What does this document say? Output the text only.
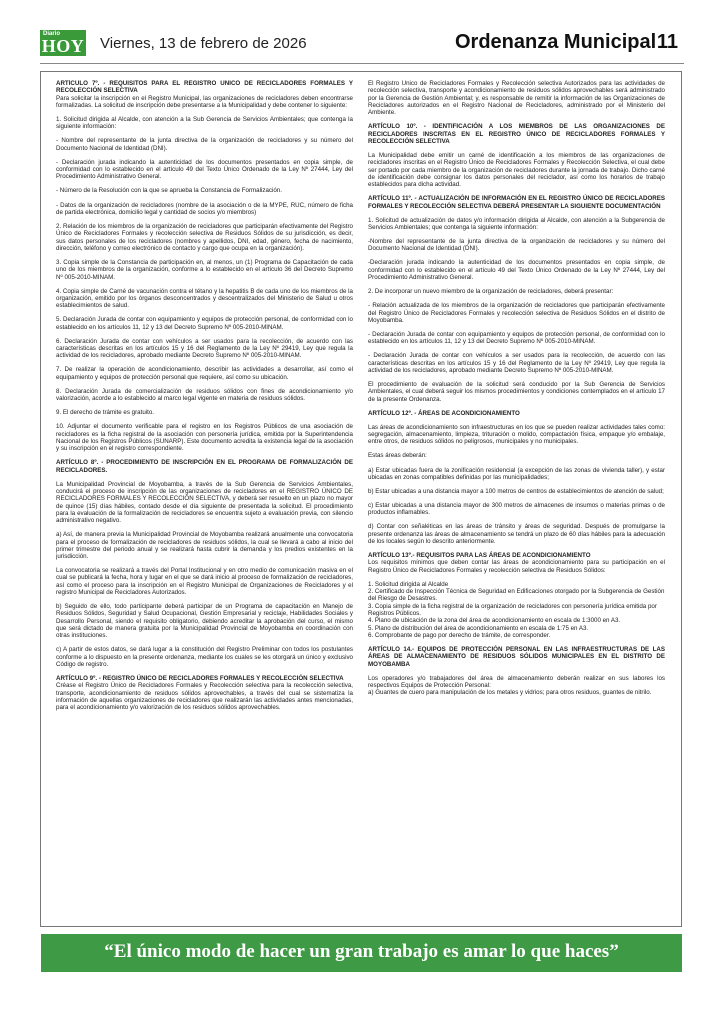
Diario
HOY Viernes, 13 de febrero de 2026	Ordenanza Municipal 11

ARTÍCULO 7º. - REQUISITOS PARA EL REGISTRO ÚNICO DE RECICLADORES FORMALES Y RECOLECCIÓN SELECTIVA
Para solicitar la inscripción en el Registro Municipal, las organizaciones de recicladores deben encontrarse formalizadas. La solicitud de inscripción debe presentarse a la Municipalidad y debe contener lo siguiente:

1. Solicitud dirigida al Alcalde, con atención a la Sub Gerencia de Servicios Ambientales; que contenga la siguiente información:

- Nombre del representante de la junta directiva de la organización de recicladores y su número del Documento Nacional de Identidad (DNI).

- Declaración jurada indicando la autenticidad de los documentos presentados en copia simple, de conformidad con lo establecido en el artículo 49 del Texto Único Ordenado de la Ley Nº 27444, Ley del Procedimiento Administrativo General.

- Número de la Resolución con la que se aprueba la Constancia de Formalización.

- Datos de la organización de recicladores (nombre de la asociación o de la MYPE, RUC, número de ficha de partida electrónica, domicilio legal y cantidad de socios y/o miembros)

2. Relación de los miembros de la organización de recicladores que participarán efectivamente del Registro Único de Recicladores Formales y recolección selectiva de Residuos Sólidos de su jurisdicción, es decir, sus datos personales de los recicladores (nombres y apellidos, DNI, edad, género, fecha de nacimiento, dirección, teléfono y correo electrónico de contacto y cargo que ocupa en la organización).

3. Copia simple de la Constancia de participación en, al menos, un (1) Programa de Capacitación de cada uno de los miembros de la organización, conforme a lo establecido en el artículo 36 del Decreto Supremo Nº 005-2010-MINAM.

4. Copia simple de Carné de vacunación contra el tétano y la hepatitis B de cada uno de los miembros de la organización, emitido por los órganos desconcentrados y descentralizados del Ministerio de Salud u otros establecimientos de salud.

5. Declaración Jurada de contar con equipamiento y equipos de protección personal, de conformidad con lo establecido en los artículos 11, 12 y 13 del Decreto Supremo Nº 005-2010-MINAM.

6. Declaración Jurada de contar con vehículos a ser usados para la recolección, de acuerdo con las características descritas en los artículos 15 y 16 del Reglamento de la Ley Nº 29419, Ley que regula la actividad de los recicladores, aprobado mediante Decreto Supremo Nº 005-2010-MINAM.

7. De realizar la operación de acondicionamiento, describir las actividades a desarrollar, así como el equipamiento y equipos de protección personal que requiere, así como su ubicación.

8. Declaración Jurada de comercialización de residuos sólidos con fines de acondicionamiento y/o valorización, acorde a lo establecido al marco legal vigente en materia de residuos sólidos.

9. El derecho de trámite es gratuito.

10. Adjuntar el documento verificable para el registro en los Registros Públicos de una asociación de recicladores es la ficha registral de la asociación con personería jurídica, emitida por la Superintendencia Nacional de los Registros Públicos (SUNARP). Este documento acredita la existencia legal de la asociación y su inscripción en el registro correspondiente.

ARTÍCULO 8º. - PROCEDIMIENTO DE INSCRIPCIÓN EN EL PROGRAMA DE FORMALIZACIÓN DE RECICLADORES.

La Municipalidad Provincial de Moyobamba, a través de la Sub Gerencia de Servicios Ambientales, conducirá el proceso de inscripción de las organizaciones de recicladores en el REGISTRO ÚNICO DE RECICLADORES FORMALES Y RECOLECCIÓN SELECTIVA, y deberá ser resuelto en un plazo no mayor de quince (15) días hábiles, contado desde el día siguiente de presentada la solicitud. El procedimiento para la evaluación de la formalización de recicladores se encuentra sujeto a evaluación previa, con silencio administrativo negativo.

a) Así, de manera previa la Municipalidad Provincial de Moyobamba realizará anualmente una convocatoria para el proceso de formalización de recicladores de residuos sólidos, la cual se llevará a cabo al inicio del primer trimestre del periodo anual y se realizará hasta cubrir la demanda y los predios existentes en la jurisdicción.

La convocatoria se realizará a través del Portal Institucional y en otro medio de comunicación masiva en el cual se publicará la fecha, hora y lugar en el que se dará inicio al proceso de formalización de recicladores, así como el proceso para la inscripción en el Registro Municipal de Organizaciones de Recicladores y el registro Municipal de Recicladores Autorizados.

b) Seguido de ello, todo participante deberá participar de un Programa de capacitación en Manejo de Residuos Sólidos, Seguridad y Salud Ocupacional, Gestión Empresarial y reciclaje, Habilidades Sociales y Desarrollo Personal, siendo el requisito obligatorio, debiendo acreditar la aprobación del curso, el mismo que será dictado de manera gratuita por la Municipalidad Provincial de Moyobamba en coordinación con otras instituciones.

c) A partir de estos datos, se dará lugar a la constitución del Registro Preliminar con todos los postulantes conforme a lo dispuesto en la presente ordenanza, mediante los cuales se les otorgará un único y exclusivo Código de registro.

ARTÍCULO 9º. - REGISTRO ÚNICO DE RECICLADORES FORMALES Y RECOLECCIÓN SELECTIVA
Créase el Registro Único de Recicladores Formales y Recolección selectiva para la recolección selectiva, transporte, acondicionamiento de residuos sólidos aprovechables, a través del cual se sistematiza la información de aquellas organizaciones de recicladores que realizarán las actividades antes mencionadas, para el acondicionamiento y/o valorización de los residuos sólidos aprovechables.

El Registro Único de Recicladores Formales y Recolección selectiva Autorizados para las actividades de recolección selectiva, transporte y acondicionamiento de residuos sólidos aprovechables será administrado por la Gerencia de Gestión Ambiental; y, es responsable de remitir la información de las Organizaciones de Recicladores autorizados en el Registro Nacional de Recicladores, administrado por el Ministerio del Ambiente.

ARTÍCULO 10º. - IDENTIFICACIÓN A LOS MIEMBROS DE LAS ORGANIZACIONES DE RECICLADORES INSCRITAS EN EL REGISTRO ÚNICO DE RECICLADORES FORMALES Y RECOLECCIÓN SELECTIVA

La Municipalidad debe emitir un carné de identificación a los miembros de las organizaciones de recicladores inscritas en el Registro Único de Recicladores Formales y Recolección Selectiva, el cual debe ser portado por cada miembro de la organización de recicladores durante la jornada de trabajo. Dicho carné de identificación debe consignar los datos personales del reciclador, así como los horarios de trabajo establecidos para dicha actividad.

ARTÍCULO 11º. - ACTUALIZACIÓN DE INFORMACIÓN EN EL REGISTRO ÚNICO DE RECICLADORES FORMALES Y RECOLECCIÓN SELECTIVA DEBERÁ PRESENTAR LA SIGUIENTE DOCUMENTACIÓN

1. Solicitud de actualización de datos y/o información dirigida al Alcalde, con atención a la Subgerencia de Servicios Ambientales; que contenga la siguiente información:

-Nombre del representante de la junta directiva de la organización de recicladores y su número del Documento Nacional de Identidad (DNI).

-Declaración jurada indicando la autenticidad de los documentos presentados en copia simple, de conformidad con lo establecido en el artículo 49 del Texto Único Ordenado de la Ley Nº 27444, Ley del Procedimiento Administrativo General.

2. De incorporar un nuevo miembro de la organización de recicladores, deberá presentar:

- Relación actualizada de los miembros de la organización de recicladores que participarán efectivamente del Registro Único de Recicladores Formales y recolección selectiva de Residuos Sólidos en el distrito de Moyobamba.

- Declaración Jurada de contar con equipamiento y equipos de protección personal, de conformidad con lo establecido en los artículos 11, 12 y 13 del Decreto Supremo Nº 005-2010-MINAM.

- Declaración Jurada de contar con vehículos a ser usados para la recolección, de acuerdo con las características descritas en los artículos 15 y 16 del Reglamento de la Ley Nº 29419, Ley que regula la actividad de los recicladores, aprobado mediante Decreto Supremo Nº 005-2010-MINAM.

El procedimiento de evaluación de la solicitud será conducido por la Sub Gerencia de Servicios Ambientales, el cual deberá seguir los mismos procedimientos y condiciones contemplados en el artículo 17 de la presente Ordenanza.

ARTÍCULO 12º. - ÁREAS DE ACONDICIONAMIENTO

Las áreas de acondicionamiento son infraestructuras en los que se pueden realizar actividades tales como: segregación, almacenamiento, limpieza, trituración o molido, compactación física, empaque y/o embalaje, entre otros, de residuos sólidos no peligrosos, municipales y no municipales.

Estas áreas deberán:

a) Estar ubicadas fuera de la zonificación residencial (a excepción de las zonas de vivienda taller), y estar ubicadas en zonas compatibles definidas por las municipalidades;

b) Estar ubicadas a una distancia mayor a 100 metros de centros de establecimientos de atención de salud;

c) Estar ubicadas a una distancia mayor de 300 metros de almacenes de insumos o materias primas o de productos inflamables.

d) Contar con señaléticas en las áreas de tránsito y áreas de seguridad. Después de promulgarse la presente ordenanza las áreas de almacenamiento se tendrá un plazo de 60 días hábiles para la adecuación de los locales según lo descrito anteriormente.

ARTÍCULO 13º.- REQUISITOS PARA LAS ÁREAS DE ACONDICIONAMIENTO
Los requisitos mínimos que deben contar las áreas de acondicionamiento para su participación en el Registro Único de Recicladores Formales y recolección selectiva de Residuos Sólidos:

1. Solicitud dirigida al Alcalde

2. Certificado de Inspección Técnica de Seguridad en Edificaciones otorgado por la Subgerencia de Gestión

del Riesgo de Desastres.

3. Copia simple de la ficha registral de la organización de recicladores con personería jurídica emitida por

Registros Públicos.

4. Plano de ubicación de la zona del área de acondicionamiento en escala de 1:3000 en A3.

5. Plano de distribución del área de acondicionamiento en escala de 1:75 en A3.

6. Comprobante de pago por derecho de trámite, de corresponder.

ARTÍCULO 14.- EQUIPOS DE PROTECCIÓN PERSONAL EN LAS INFRAESTRUCTURAS DE LAS ÁREAS DE ALMACENAMIENTO DE RESIDUOS SÓLIDOS MUNICIPALES EN EL DISTRITO DE MOYOBAMBA

Los operadores y/o trabajadores del área de almacenamiento deberán realizar en sus labores los respectivos Equipos de Protección Personal:

a) Guantes de cuero para manipulación de los metales y vidrios; para otros residuos, guantes de nitrilo.

“El único modo de hacer un gran trabajo es amar lo que haces”
